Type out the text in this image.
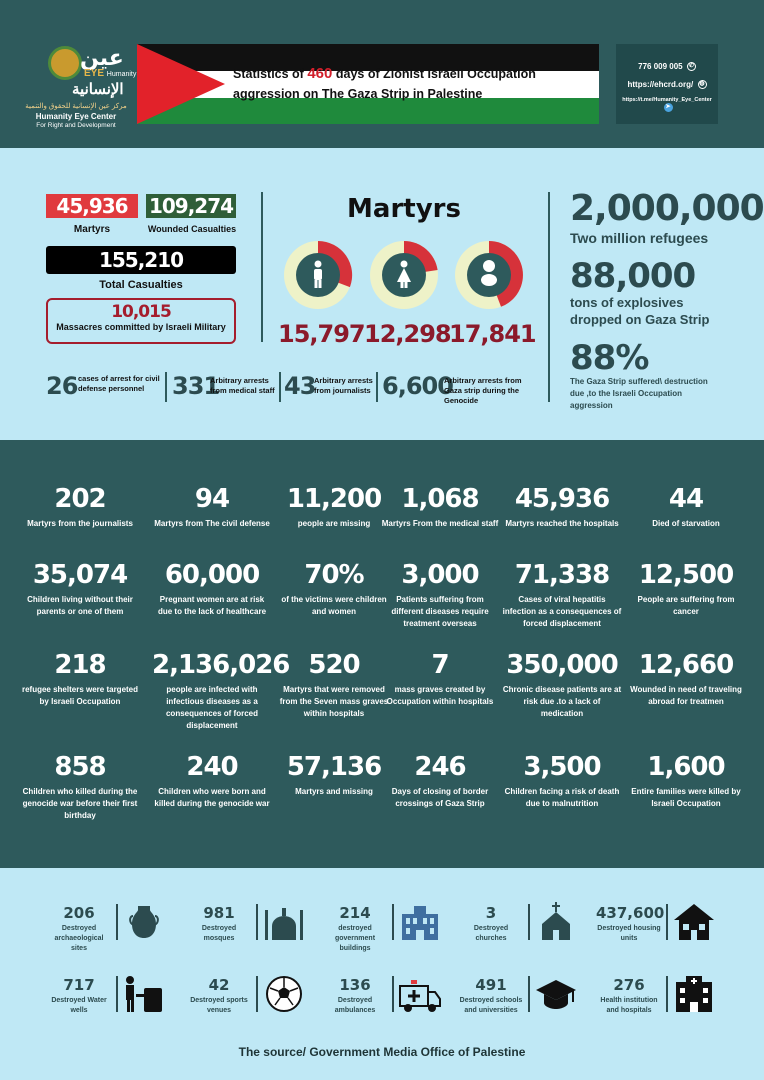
عين
EYE Humanity
الإنسانية
مركز عين الإنسانية للحقوق والتنمية
Humanity Eye Center
For Right and Development
Statistics of 460 days of Zionist Israeli Occupation
aggression on The Gaza Strip in Palestine
776 009 005 ✆
https://ehcrd.org/ ◍
https://t.me/Humanity_Eye_Center ➤
45,936	109,274
Martyrs	Wounded Casualties
155,210
Total Casualties
10,015
Massacres committed by Israeli Military
Martyrs
15,797 12,298
17,841
2,000,000
Two million refugees
88,000
tons of explosives dropped on Gaza Strip
88%
The Gaza Strip suffered\ destruction due ,to the Israeli Occupation aggression
26 cases of arrest for civil defense personnel	331
Arbitrary arrests from medical staff 43
Arbitrary arrests from journalists 6,600
Arbitrary arrests from Gaza strip during the Genocide
202
Martyrs from the journalists
94
Martyrs from The civil defense
11,200
people are missing
1,068
Martyrs From the medical staff
45,936
Martyrs reached the hospitals
44
Died of starvation
35,074
Children living without their parents or one of them
60,000
Pregnant women are at risk due to the lack of healthcare
70%
of the victims were children and women
3,000
Patients suffering from different diseases require treatment overseas
71,338
Cases of viral hepatitis infection as a consequences of forced displacement
12,500
People are suffering from cancer
218
refugee shelters were targeted by Israeli Occupation
2,136,026
people are infected with infectious diseases as a consequences of forced displacement
520
Martyrs that were removed from the Seven mass graves within hospitals
7
mass graves created by Occupation within hospitals
350,000
Chronic disease patients are at risk due .to a lack of medication
12,660
Wounded in need of traveling abroad for treatmen
858
Children who killed during the genocide war before their first birthday
240
Children who were born and killed during the genocide war
57,136
Martyrs and missing
246
Days of closing of border crossings of Gaza Strip
3,500
Children facing a risk of death due to malnutrition
1,600
Entire families were killed by Israeli Occupation
206
Destroyed archaeological sites
981
Destroyed mosques
214
destroyed government buildings
3
Destroyed churches
437,600
Destroyed housing units
717
Destroyed Water wells
42
Destroyed sports venues
136
Destroyed ambulances
491
Destroyed schools and universities
276
Health institution and hospitals
The source/ Government Media Office of Palestine
